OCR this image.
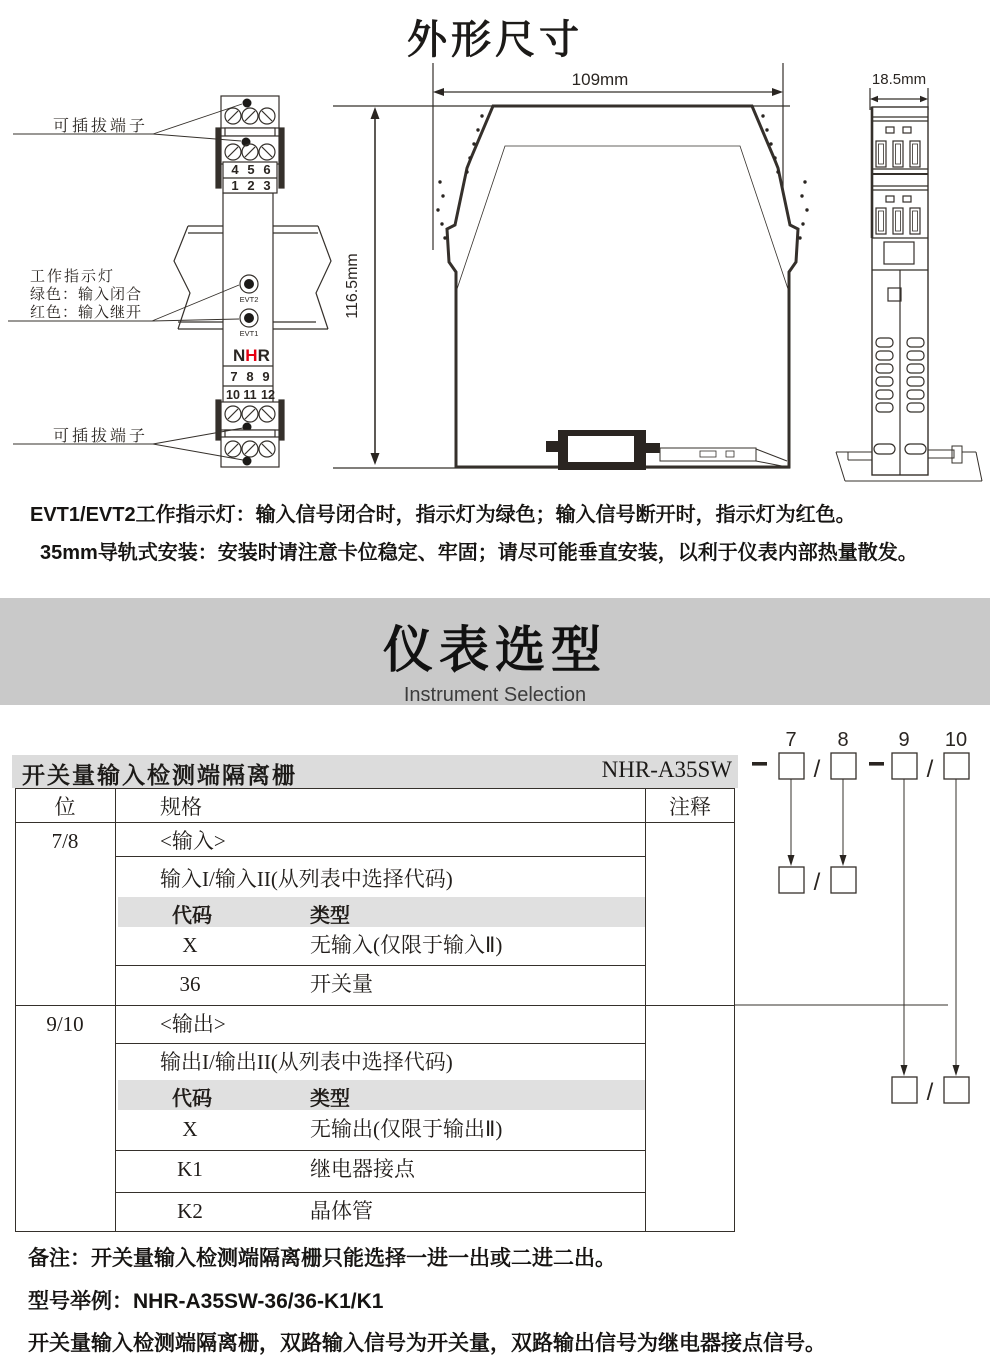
外形尺寸
4 5 6
1 2 3
EVT2
EVT1
NHR
7 8 9
10 11 12
可插拔端子
工作指示灯
绿色：输入闭合
红色：输入继开
可插拔端子
109mm
116.5mm
18.5mm
EVT1/EVT2工作指示灯：输入信号闭合时，指示灯为绿色；输入信号断开时，指示灯为红色。
35mm导轨式安装：安装时请注意卡位稳定、牢固；请尽可能垂直安装，以利于仪表内部热量散发。
仪表选型
Instrument Selection
开关量输入检测端隔离栅	NHR-A35SW
位	规格	注释
7/8	<输入>
输入I/输入II(从列表中选择代码)
代码	类型
X	无输入(仅限于输入Ⅱ)
36	开关量
9/10	<输出>
输出I/输出II(从列表中选择代码)
代码	类型
X	无输出(仅限于输出Ⅱ)
K1	继电器接点
K2	晶体管
7 8 9 10
/	/
/
/
备注：开关量输入检测端隔离栅只能选择一进一出或二进二出。
型号举例：NHR-A35SW-36/36-K1/K1
开关量输入检测端隔离栅，双路输入信号为开关量，双路输出信号为继电器接点信号。
